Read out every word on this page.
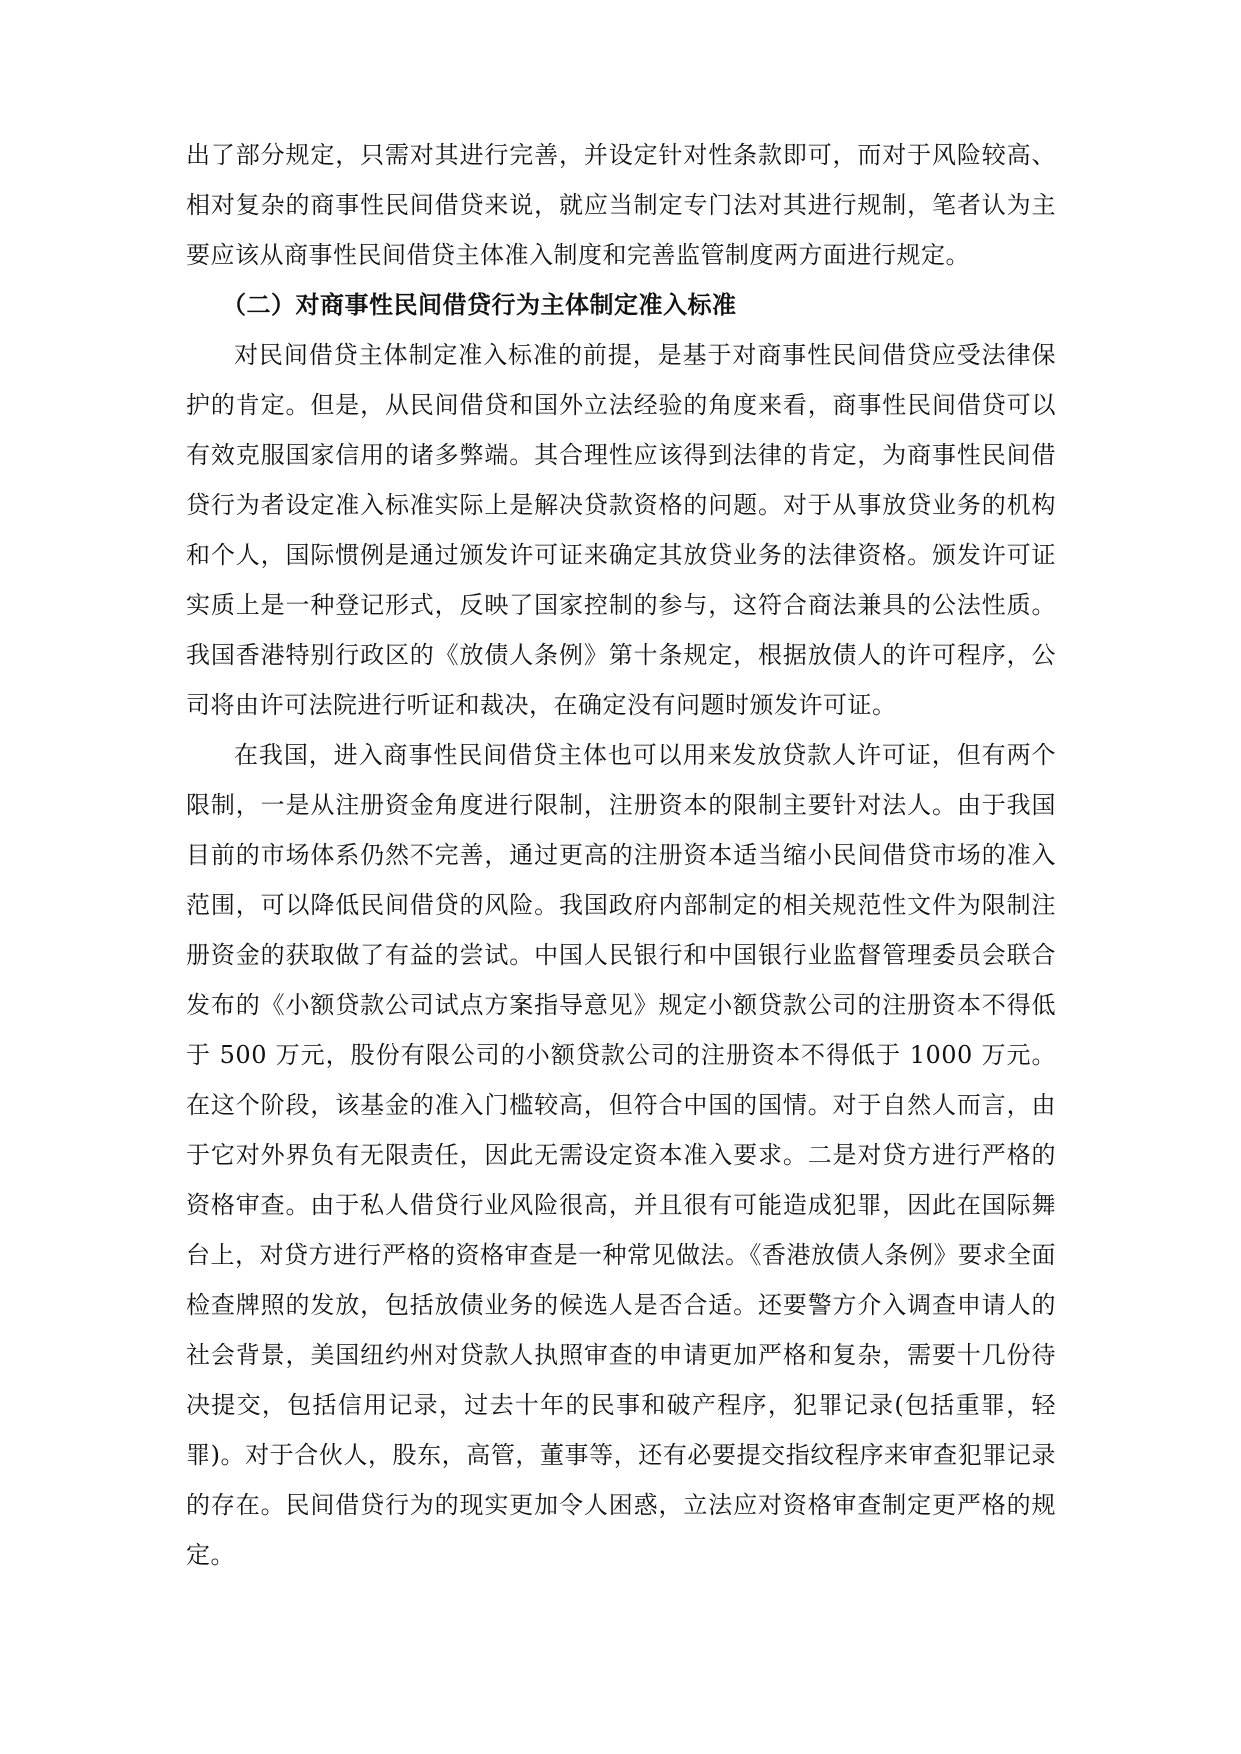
出了部分规定，只需对其进行完善，并设定针对性条款即可，而对于风险较高、相对复杂的商事性民间借贷来说，就应当制定专门法对其进行规制，笔者认为主要应该从商事性民间借贷主体准入制度和完善监管制度两方面进行规定。

（二）对商事性民间借贷行为主体制定准入标准

对民间借贷主体制定准入标准的前提，是基于对商事性民间借贷应受法律保护的肯定。但是，从民间借贷和国外立法经验的角度来看，商事性民间借贷可以有效克服国家信用的诸多弊端。其合理性应该得到法律的肯定，为商事性民间借贷行为者设定准入标准实际上是解决贷款资格的问题。对于从事放贷业务的机构和个人，国际惯例是通过颁发许可证来确定其放贷业务的法律资格。颁发许可证实质上是一种登记形式，反映了国家控制的参与，这符合商法兼具的公法性质。我国香港特别行政区的《放债人条例》第十条规定，根据放债人的许可程序，公司将由许可法院进行听证和裁决，在确定没有问题时颁发许可证。

在我国，进入商事性民间借贷主体也可以用来发放贷款人许可证，但有两个限制，一是从注册资金角度进行限制，注册资本的限制主要针对法人。由于我国目前的市场体系仍然不完善，通过更高的注册资本适当缩小民间借贷市场的准入范围，可以降低民间借贷的风险。我国政府内部制定的相关规范性文件为限制注册资金的获取做了有益的尝试。中国人民银行和中国银行业监督管理委员会联合发布的《小额贷款公司试点方案指导意见》规定小额贷款公司的注册资本不得低于 500 万元，股份有限公司的小额贷款公司的注册资本不得低于 1000 万元。在这个阶段，该基金的准入门槛较高，但符合中国的国情。对于自然人而言，由于它对外界负有无限责任，因此无需设定资本准入要求。二是对贷方进行严格的资格审查。由于私人借贷行业风险很高，并且很有可能造成犯罪，因此在国际舞台上，对贷方进行严格的资格审查是一种常见做法。《香港放债人条例》要求全面检查牌照的发放，包括放债业务的候选人是否合适。还要警方介入调查申请人的社会背景，美国纽约州对贷款人执照审查的申请更加严格和复杂，需要十几份待决提交，包括信用记录，过去十年的民事和破产程序，犯罪记录(包括重罪，轻罪)。对于合伙人，股东，高管，董事等，还有必要提交指纹程序来审查犯罪记录的存在。民间借贷行为的现实更加令人困惑，立法应对资格审查制定更严格的规定。
